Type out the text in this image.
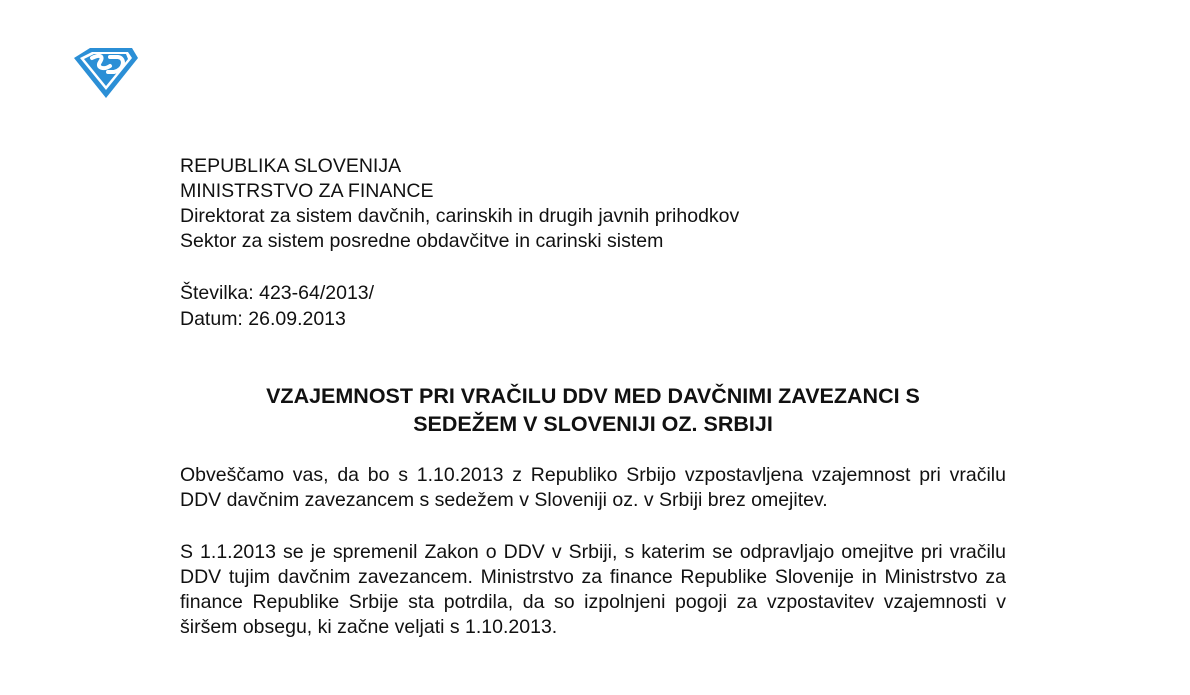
REPUBLIKA SLOVENIJA
MINISTRSTVO ZA FINANCE
Direktorat za sistem davčnih, carinskih in drugih javnih prihodkov
Sektor za sistem posredne obdavčitve in carinski sistem
Številka: 423-64/2013/
Datum: 26.09.2013
VZAJEMNOST PRI VRAČILU DDV MED DAVČNIMI ZAVEZANCI S
SEDEŽEM V SLOVENIJI OZ. SRBIJI
Obveščamo vas, da bo s 1.10.2013 z Republiko Srbijo vzpostavljena vzajemnost pri vračilu DDV davčnim zavezancem s sedežem v Sloveniji oz. v Srbiji brez omejitev.
S 1.1.2013 se je spremenil Zakon o DDV v Srbiji, s katerim se odpravljajo omejitve pri vračilu DDV tujim davčnim zavezancem. Ministrstvo za finance Republike Slovenije in Ministrstvo za finance Republike Srbije sta potrdila, da so izpolnjeni pogoji za vzpostavitev vzajemnosti v širšem obsegu, ki začne veljati s 1.10.2013.
